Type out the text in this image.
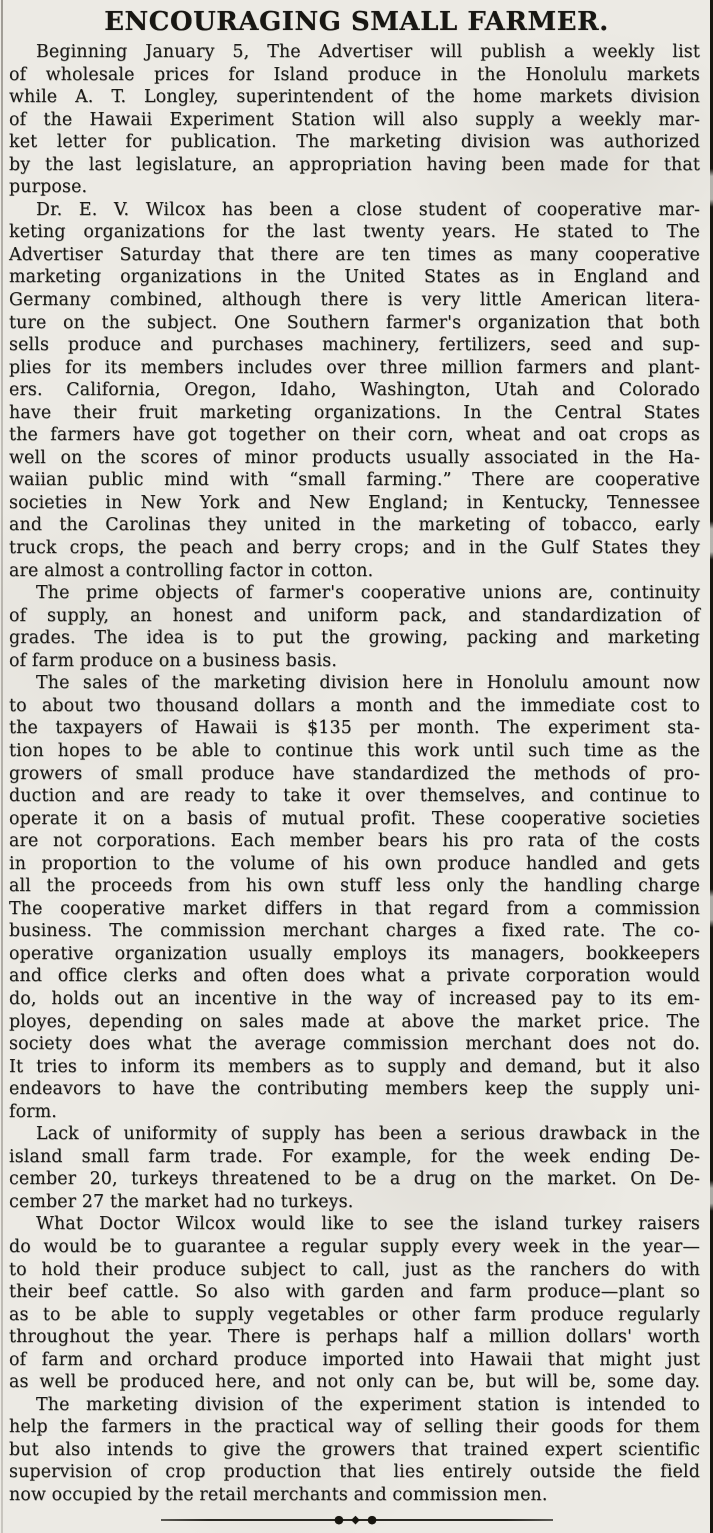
ENCOURAGING SMALL FARMER.
Beginning January 5, The Advertiser will publish a weekly list
of wholesale prices for Island produce in the Honolulu markets
while A. T. Longley, superintendent of the home markets division
of the Hawaii Experiment Station will also supply a weekly mar-
ket letter for publication. The marketing division was authorized
by the last legislature, an appropriation having been made for that
purpose.
Dr. E. V. Wilcox has been a close student of cooperative mar-
keting organizations for the last twenty years. He stated to The
Advertiser Saturday that there are ten times as many cooperative
marketing organizations in the United States as in England and
Germany combined, although there is very little American litera-
ture on the subject. One Southern farmer's organization that both
sells produce and purchases machinery, fertilizers, seed and sup-
plies for its members includes over three million farmers and plant-
ers. California, Oregon, Idaho, Washington, Utah and Colorado
have their fruit marketing organizations. In the Central States
the farmers have got together on their corn, wheat and oat crops as
well on the scores of minor products usually associated in the Ha-
waiian public mind with “small farming.” There are cooperative
societies in New York and New England; in Kentucky, Tennessee
and the Carolinas they united in the marketing of tobacco, early
truck crops, the peach and berry crops; and in the Gulf States they
are almost a controlling factor in cotton.
The prime objects of farmer's cooperative unions are, continuity
of supply, an honest and uniform pack, and standardization of
grades. The idea is to put the growing, packing and marketing
of farm produce on a business basis.
The sales of the marketing division here in Honolulu amount now
to about two thousand dollars a month and the immediate cost to
the taxpayers of Hawaii is $135 per month. The experiment sta-
tion hopes to be able to continue this work until such time as the
growers of small produce have standardized the methods of pro-
duction and are ready to take it over themselves, and continue to
operate it on a basis of mutual profit. These cooperative societies
are not corporations. Each member bears his pro rata of the costs
in proportion to the volume of his own produce handled and gets
all the proceeds from his own stuff less only the handling charge
The cooperative market differs in that regard from a commission
business. The commission merchant charges a fixed rate. The co-
operative organization usually employs its managers, bookkeepers
and office clerks and often does what a private corporation would
do, holds out an incentive in the way of increased pay to its em-
ployes, depending on sales made at above the market price. The
society does what the average commission merchant does not do.
It tries to inform its members as to supply and demand, but it also
endeavors to have the contributing members keep the supply uni-
form.
Lack of uniformity of supply has been a serious drawback in the
island small farm trade. For example, for the week ending De-
cember 20, turkeys threatened to be a drug on the market. On De-
cember 27 the market had no turkeys.
What Doctor Wilcox would like to see the island turkey raisers
do would be to guarantee a regular supply every week in the year—
to hold their produce subject to call, just as the ranchers do with
their beef cattle. So also with garden and farm produce—plant so
as to be able to supply vegetables or other farm produce regularly
throughout the year. There is perhaps half a million dollars' worth
of farm and orchard produce imported into Hawaii that might just
as well be produced here, and not only can be, but will be, some day.
The marketing division of the experiment station is intended to
help the farmers in the practical way of selling their goods for them
but also intends to give the growers that trained expert scientific
supervision of crop production that lies entirely outside the field
now occupied by the retail merchants and commission men.
● ◆ ●
